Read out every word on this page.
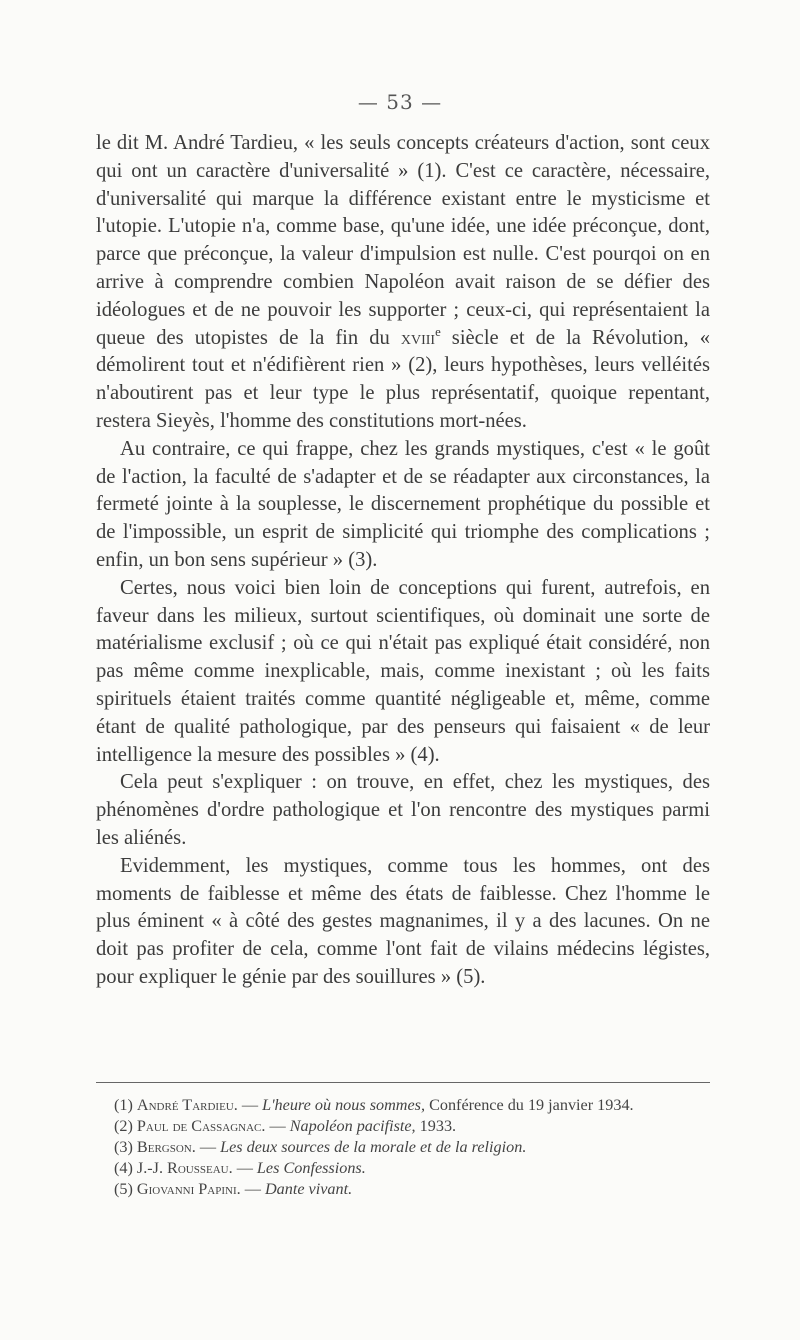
— 53 —

le dit M. André Tardieu, « les seuls concepts créateurs d'action, sont ceux qui ont un caractère d'universalité » (1). C'est ce caractère, nécessaire, d'universalité qui marque la différence existant entre le mysticisme et l'utopie. L'utopie n'a, comme base, qu'une idée, une idée préconçue, dont, parce que préconçue, la valeur d'impulsion est nulle. C'est pourqoi on en arrive à comprendre combien Napoléon avait raison de se défier des idéologues et de ne pouvoir les supporter ; ceux-ci, qui représentaient la queue des utopistes de la fin du xviii$^e$ siècle et de la Révolution, « démolirent tout et n'édifièrent rien » (2), leurs hypothèses, leurs velléités n'aboutirent pas et leur type le plus représentatif, quoique repentant, restera Sieyès, l'homme des constitutions mort-nées.

Au contraire, ce qui frappe, chez les grands mystiques, c'est « le goût de l'action, la faculté de s'adapter et de se réadapter aux circonstances, la fermeté jointe à la souplesse, le discernement prophétique du possible et de l'impossible, un esprit de simplicité qui triomphe des complications ; enfin, un bon sens supérieur » (3).

Certes, nous voici bien loin de conceptions qui furent, autrefois, en faveur dans les milieux, surtout scientifiques, où dominait une sorte de matérialisme exclusif ; où ce qui n'était pas expliqué était considéré, non pas même comme inexplicable, mais, comme inexistant ; où les faits spirituels étaient traités comme quantité négligeable et, même, comme étant de qualité pathologique, par des penseurs qui faisaient « de leur intelligence la mesure des possibles » (4).

Cela peut s'expliquer : on trouve, en effet, chez les mystiques, des phénomènes d'ordre pathologique et l'on rencontre des mystiques parmi les aliénés.

Evidemment, les mystiques, comme tous les hommes, ont des moments de faiblesse et même des états de faiblesse. Chez l'homme le plus éminent « à côté des gestes magnanimes, il y a des lacunes. On ne doit pas profiter de cela, comme l'ont fait de vilains médecins légistes, pour expliquer le génie par des souillures » (5).

(1) André Tardieu. — L'heure où nous sommes, Conférence du 19 janvier 1934.
(2) Paul de Cassagnac. — Napoléon pacifiste, 1933.
(3) Bergson. — Les deux sources de la morale et de la religion.
(4) J.-J. Rousseau. — Les Confessions.
(5) Giovanni Papini. — Dante vivant.
